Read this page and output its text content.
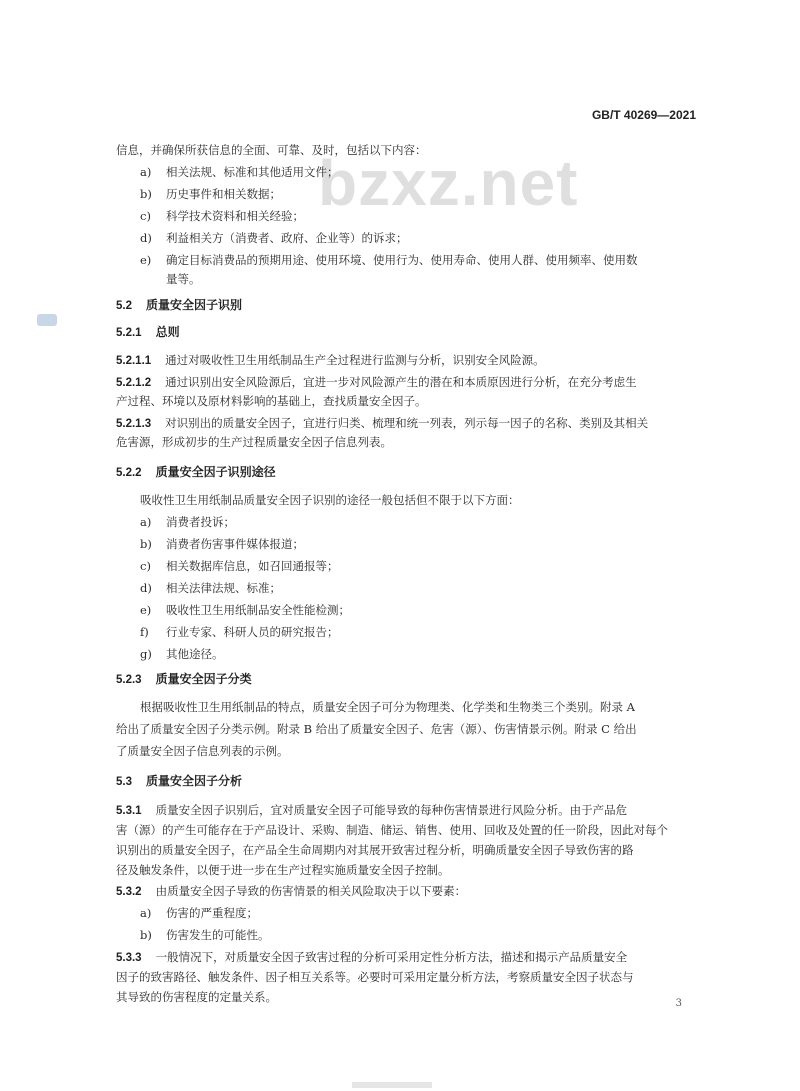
GB/T 40269—2021
bzxz.net
信息，并确保所获信息的全面、可靠、及时，包括以下内容：
a) 相关法规、标准和其他适用文件；
b) 历史事件和相关数据；
c) 科学技术资料和相关经验；
d) 利益相关方（消费者、政府、企业等）的诉求；
e) 确定目标消费品的预期用途、使用环境、使用行为、使用寿命、使用人群、使用频率、使用数
量等。
5.2 质量安全因子识别
5.2.1 总则
5.2.1.1 通过对吸收性卫生用纸制品生产全过程进行监测与分析，识别安全风险源。
5.2.1.2 通过识别出安全风险源后，宜进一步对风险源产生的潜在和本质原因进行分析，在充分考虑生
产过程、环境以及原材料影响的基础上，查找质量安全因子。
5.2.1.3 对识别出的质量安全因子，宜进行归类、梳理和统一列表，列示每一因子的名称、类别及其相关
危害源，形成初步的生产过程质量安全因子信息列表。
5.2.2 质量安全因子识别途径
吸收性卫生用纸制品质量安全因子识别的途径一般包括但不限于以下方面：
a) 消费者投诉；
b) 消费者伤害事件媒体报道；
c) 相关数据库信息，如召回通报等；
d) 相关法律法规、标准；
e) 吸收性卫生用纸制品安全性能检测；
f) 行业专家、科研人员的研究报告；
g) 其他途径。
5.2.3 质量安全因子分类
根据吸收性卫生用纸制品的特点，质量安全因子可分为物理类、化学类和生物类三个类别。附录 A
给出了质量安全因子分类示例。附录 B 给出了质量安全因子、危害（源）、伤害情景示例。附录 C 给出
了质量安全因子信息列表的示例。
5.3 质量安全因子分析
5.3.1 质量安全因子识别后，宜对质量安全因子可能导致的每种伤害情景进行风险分析。由于产品危
害（源）的产生可能存在于产品设计、采购、制造、储运、销售、使用、回收及处置的任一阶段，因此对每个
识别出的质量安全因子，在产品全生命周期内对其展开致害过程分析，明确质量安全因子导致伤害的路
径及触发条件，以便于进一步在生产过程实施质量安全因子控制。
5.3.2 由质量安全因子导致的伤害情景的相关风险取决于以下要素：
a) 伤害的严重程度；
b) 伤害发生的可能性。
5.3.3 一般情况下，对质量安全因子致害过程的分析可采用定性分析方法，描述和揭示产品质量安全
因子的致害路径、触发条件、因子相互关系等。必要时可采用定量分析方法，考察质量安全因子状态与
其导致的伤害程度的定量关系。	3
